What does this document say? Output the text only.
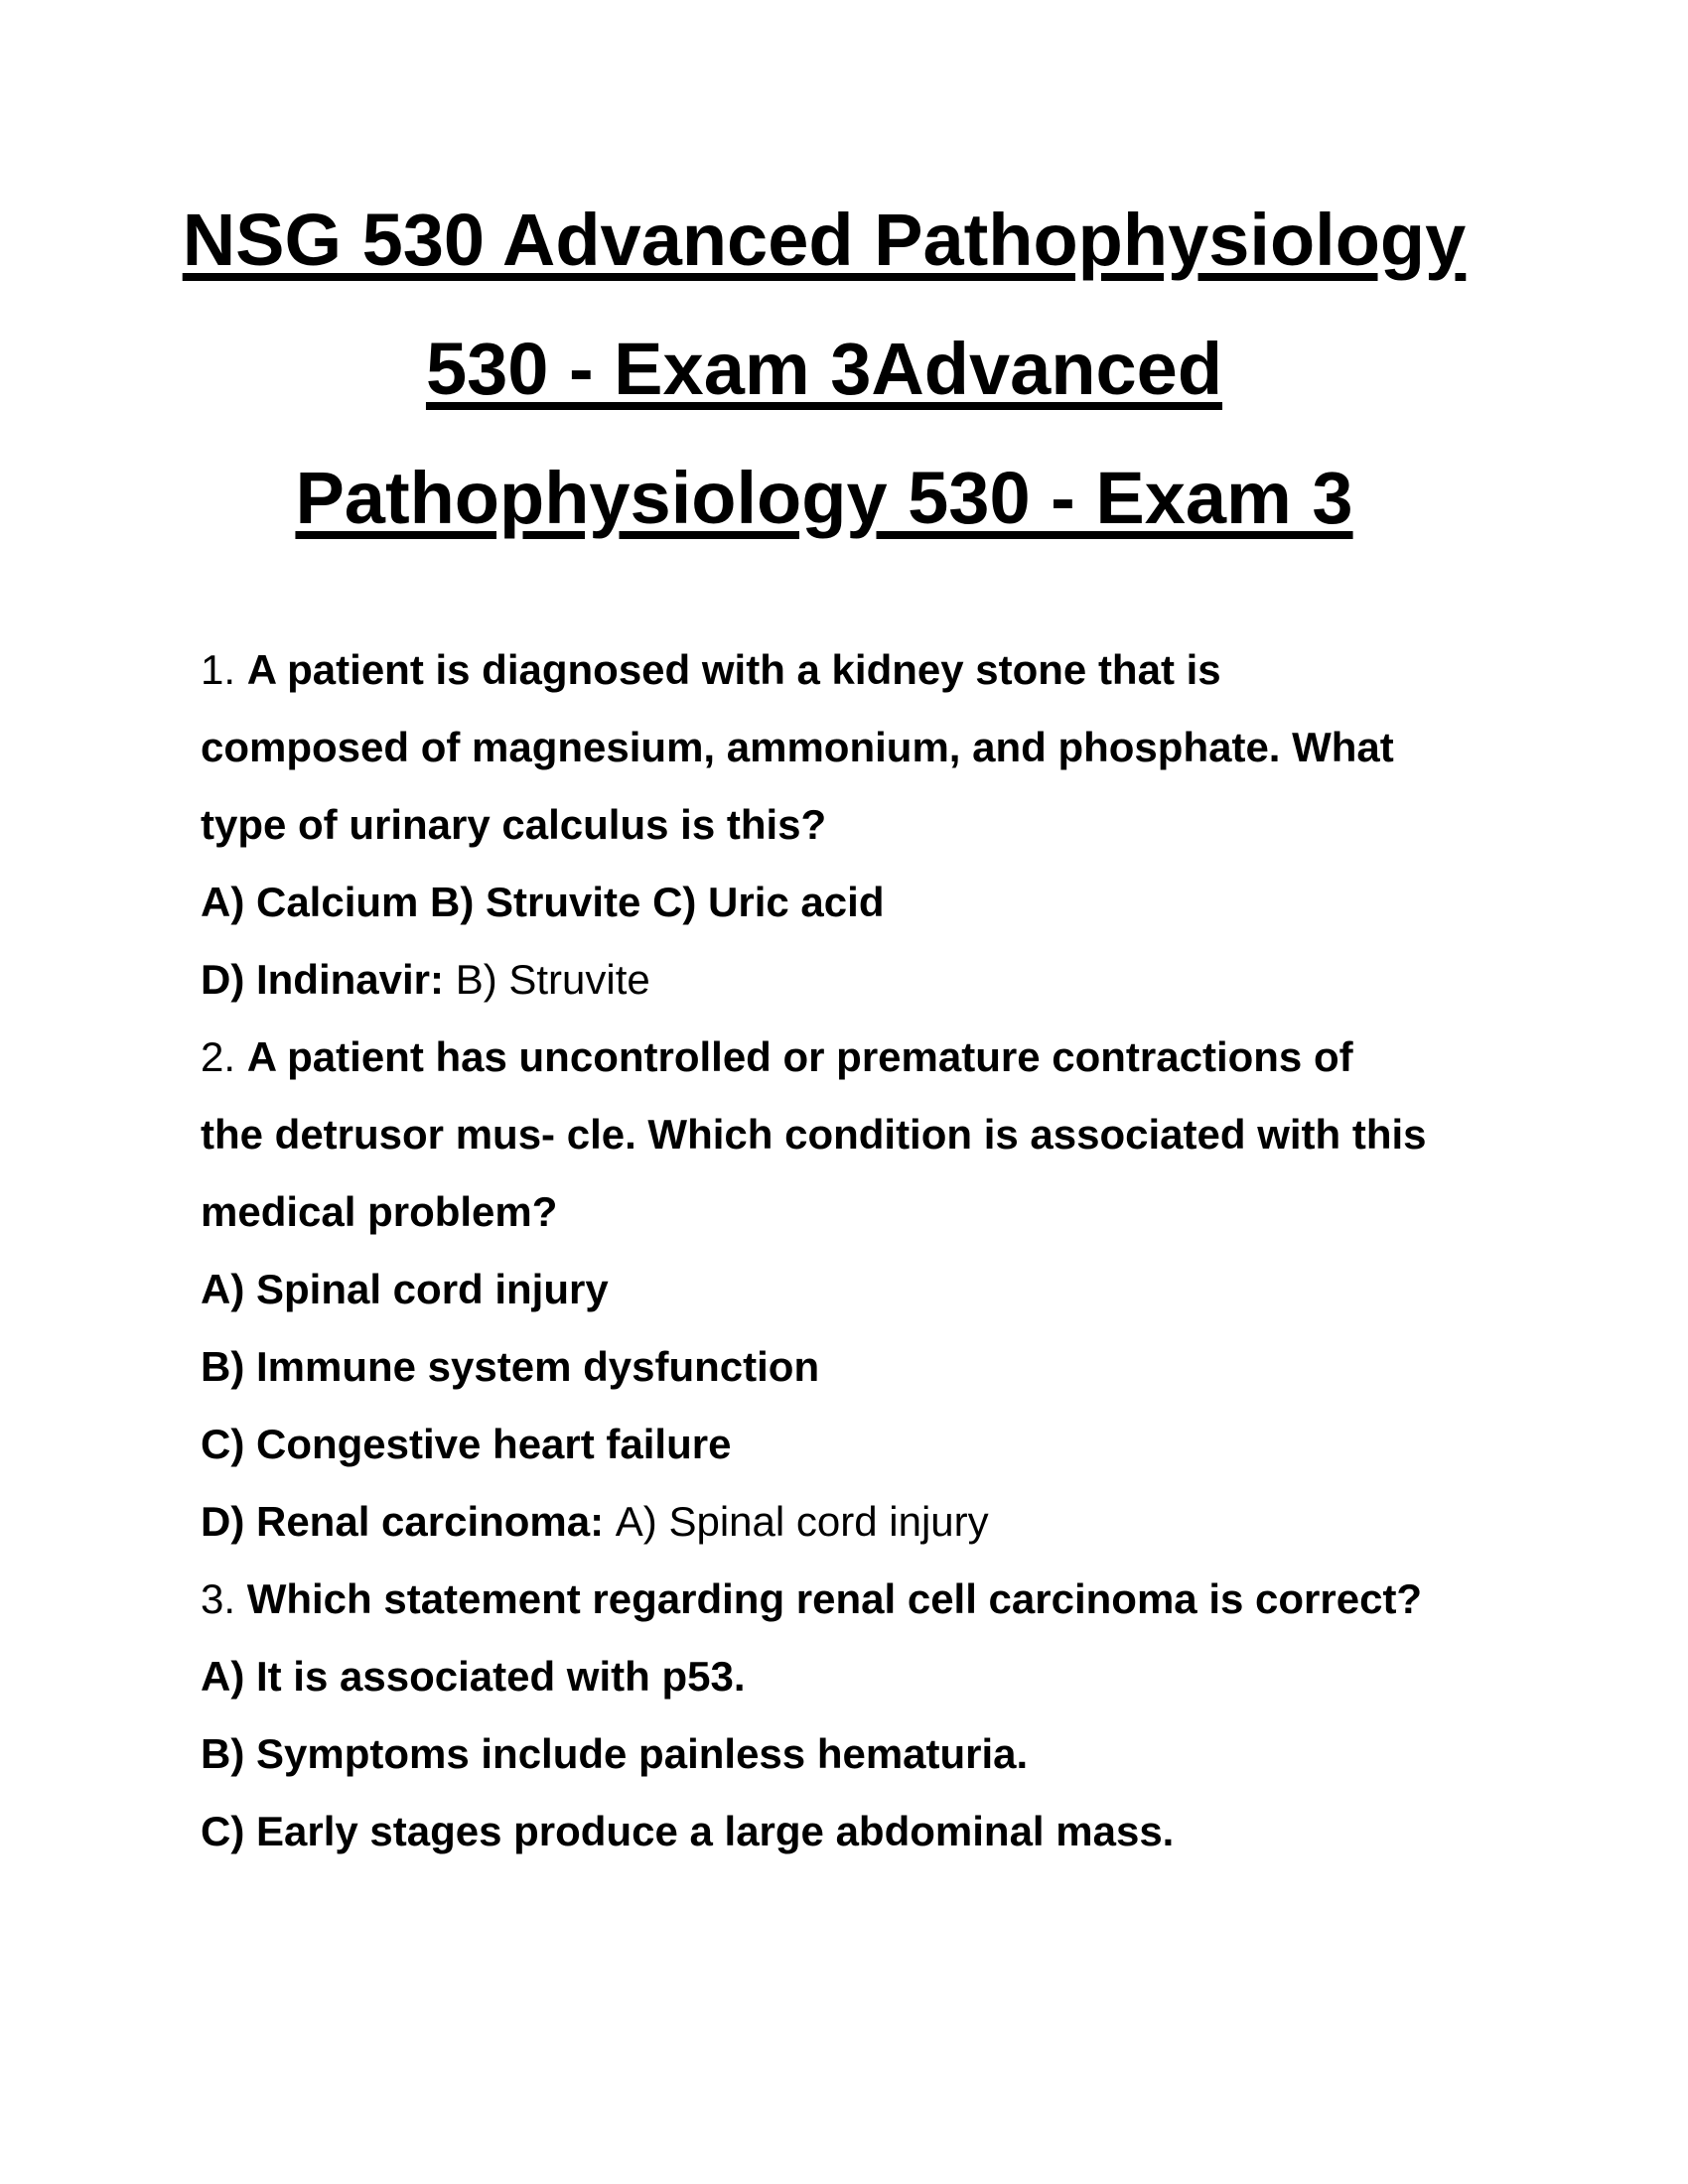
NSG 530 Advanced Pathophysiology
530 - Exam 3Advanced
Pathophysiology 530 - Exam 3
1. A patient is diagnosed with a kidney stone that is
composed of magnesium, ammonium, and phosphate. What
type of urinary calculus is this?
A) Calcium B) Struvite C) Uric acid
D) Indinavir: B) Struvite
2. A patient has uncontrolled or premature contractions of
the detrusor mus- cle. Which condition is associated with this
medical problem?
A) Spinal cord injury
B) Immune system dysfunction
C) Congestive heart failure
D) Renal carcinoma: A) Spinal cord injury
3. Which statement regarding renal cell carcinoma is correct?
A) It is associated with p53.
B) Symptoms include painless hematuria.
C) Early stages produce a large abdominal mass.
